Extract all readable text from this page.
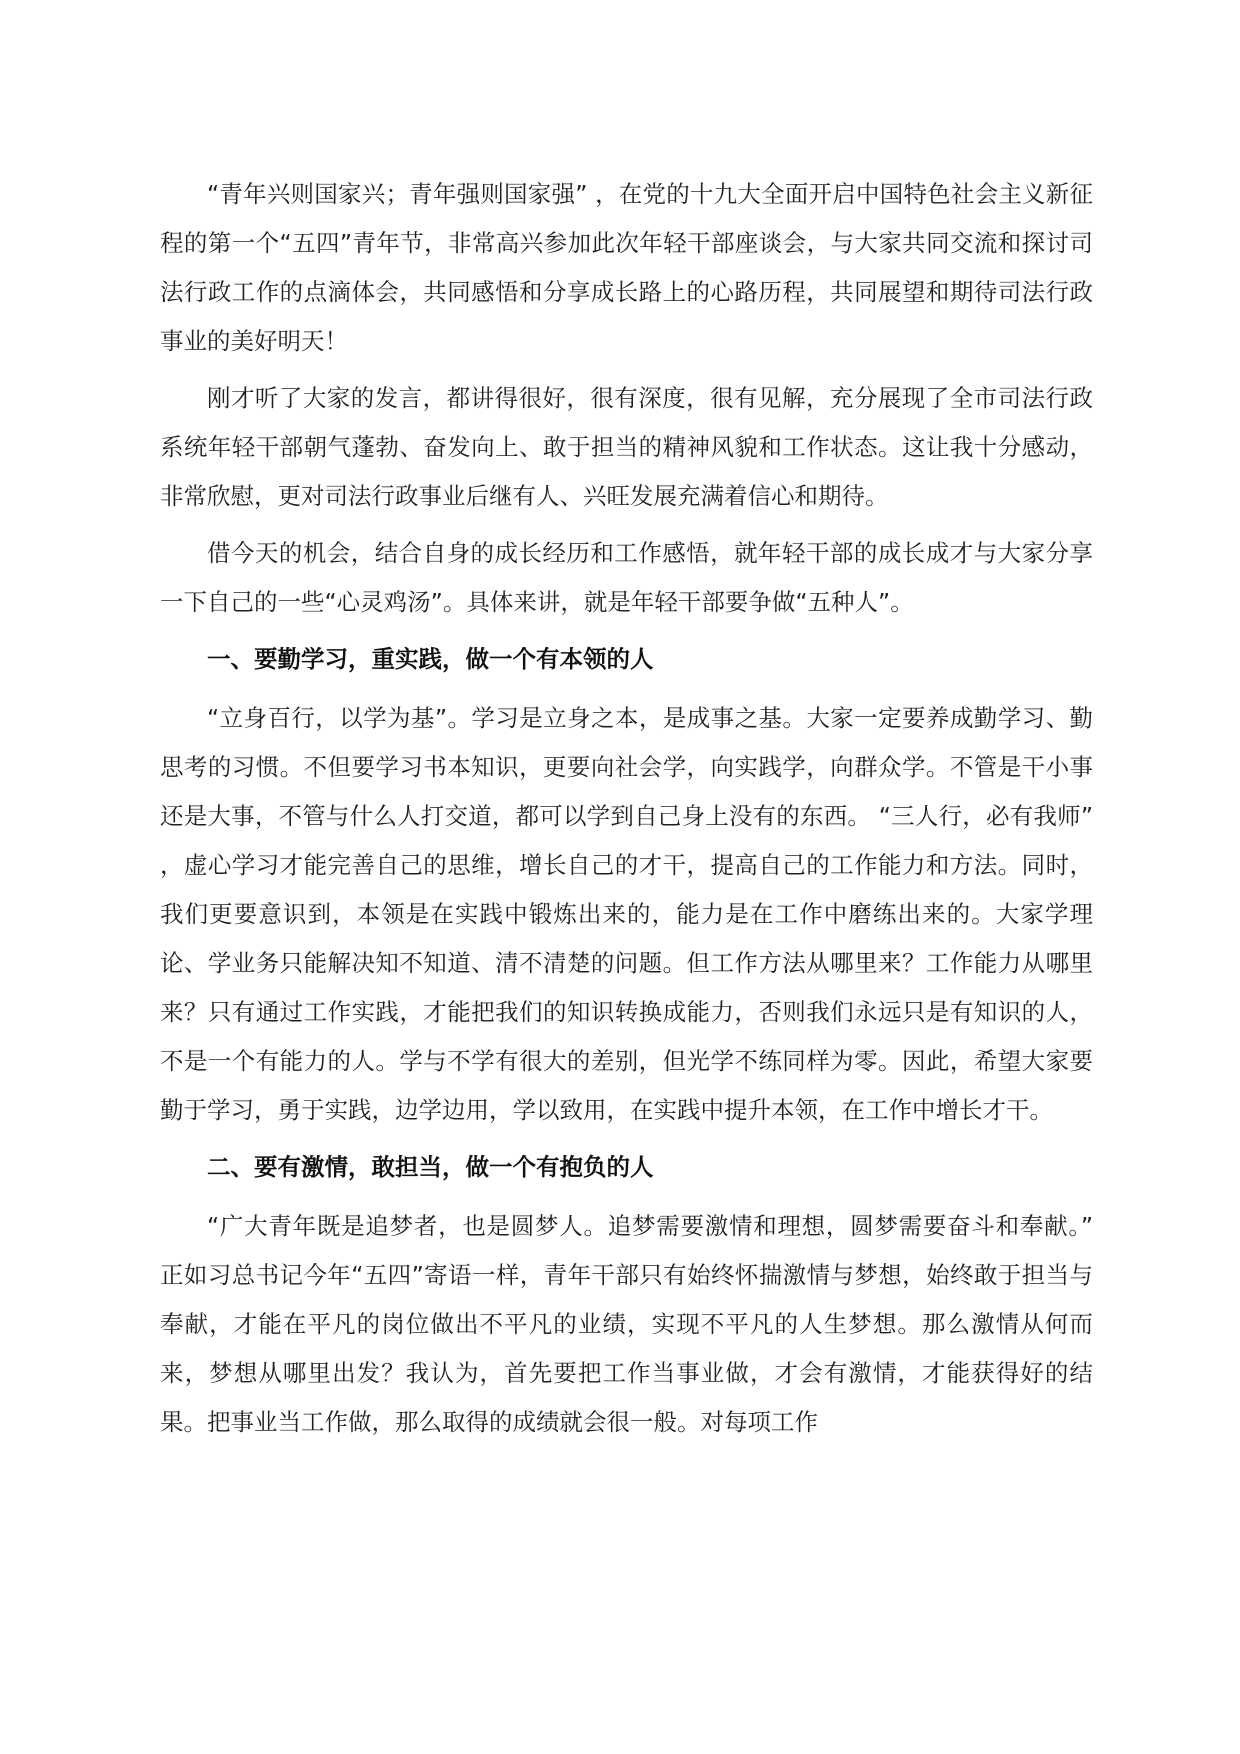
“青年兴则国家兴；青年强则国家强” ，在党的十九大全面开启中国特色社会主义新征程的第一个“五四”青年节，非常高兴参加此次年轻干部座谈会，与大家共同交流和探讨司法行政工作的点滴体会，共同感悟和分享成长路上的心路历程，共同展望和期待司法行政事业的美好明天！

刚才听了大家的发言，都讲得很好，很有深度，很有见解，充分展现了全市司法行政系统年轻干部朝气蓬勃、奋发向上、敢于担当的精神风貌和工作状态。这让我十分感动，非常欣慰，更对司法行政事业后继有人、兴旺发展充满着信心和期待。

借今天的机会，结合自身的成长经历和工作感悟，就年轻干部的成长成才与大家分享一下自己的一些“心灵鸡汤”。具体来讲，就是年轻干部要争做“五种人”。

一、要勤学习，重实践，做一个有本领的人

“立身百行，以学为基”。学习是立身之本，是成事之基。大家一定要养成勤学习、勤思考的习惯。不但要学习书本知识，更要向社会学，向实践学，向群众学。不管是干小事还是大事，不管与什么人打交道，都可以学到自己身上没有的东西。 “三人行，必有我师” ，虚心学习才能完善自己的思维，增长自己的才干，提高自己的工作能力和方法。同时，我们更要意识到，本领是在实践中锻炼出来的，能力是在工作中磨练出来的。大家学理论、学业务只能解决知不知道、清不清楚的问题。但工作方法从哪里来？工作能力从哪里来？只有通过工作实践，才能把我们的知识转换成能力，否则我们永远只是有知识的人，不是一个有能力的人。学与不学有很大的差别，但光学不练同样为零。因此，希望大家要勤于学习，勇于实践，边学边用，学以致用，在实践中提升本领，在工作中增长才干。

二、要有激情，敢担当，做一个有抱负的人

“广大青年既是追梦者，也是圆梦人。追梦需要激情和理想，圆梦需要奋斗和奉献。” 正如习总书记今年“五四”寄语一样，青年干部只有始终怀揣激情与梦想，始终敢于担当与奉献，才能在平凡的岗位做出不平凡的业绩，实现不平凡的人生梦想。那么激情从何而来，梦想从哪里出发？我认为，首先要把工作当事业做，才会有激情，才能获得好的结果。把事业当工作做，那么取得的成绩就会很一般。对每项工作
